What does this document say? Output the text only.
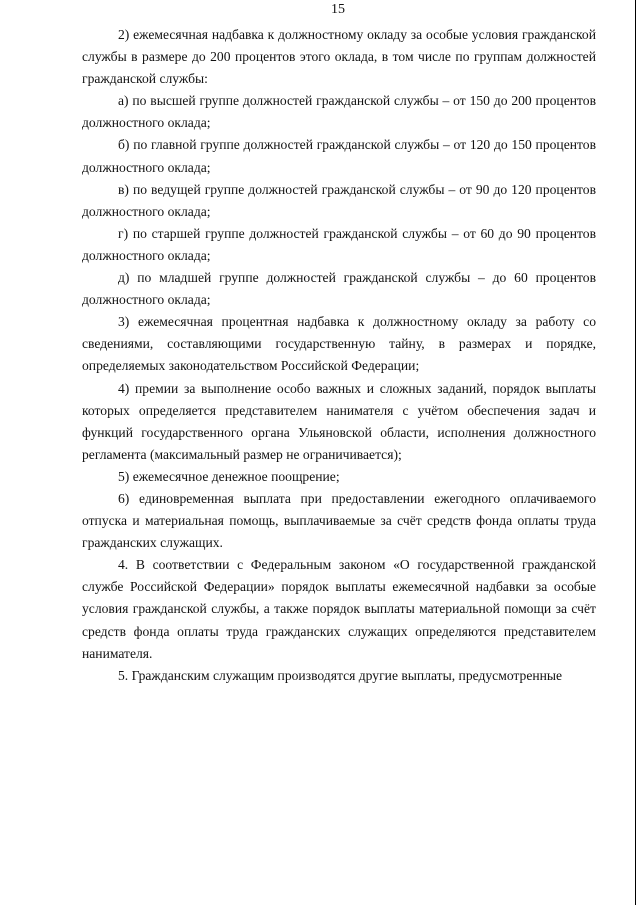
15

2) ежемесячная надбавка к должностному окладу за особые условия гражданской службы в размере до 200 процентов этого оклада, в том числе по группам должностей гражданской службы:

а) по высшей группе должностей гражданской службы – от 150 до 200 процентов должностного оклада;

б) по главной группе должностей гражданской службы – от 120 до 150 процентов должностного оклада;

в) по ведущей группе должностей гражданской службы – от 90 до 120 процентов должностного оклада;

г) по старшей группе должностей гражданской службы – от 60 до 90 процентов должностного оклада;

д) по младшей группе должностей гражданской службы – до 60 процентов должностного оклада;

3) ежемесячная процентная надбавка к должностному окладу за работу со сведениями, составляющими государственную тайну, в размерах и порядке, определяемых законодательством Российской Федерации;

4) премии за выполнение особо важных и сложных заданий, порядок выплаты которых определяется представителем нанимателя с учётом обеспечения задач и функций государственного органа Ульяновской области, исполнения должностного регламента (максимальный размер не ограничивается);

5) ежемесячное денежное поощрение;

6) единовременная выплата при предоставлении ежегодного оплачиваемого отпуска и материальная помощь, выплачиваемые за счёт средств фонда оплаты труда гражданских служащих.

4. В соответствии с Федеральным законом «О государственной гражданской службе Российской Федерации» порядок выплаты ежемесячной надбавки за особые условия гражданской службы, а также порядок выплаты материальной помощи за счёт средств фонда оплаты труда гражданских служащих определяются представителем нанимателя.

5. Гражданским служащим производятся другие выплаты, предусмотренные
